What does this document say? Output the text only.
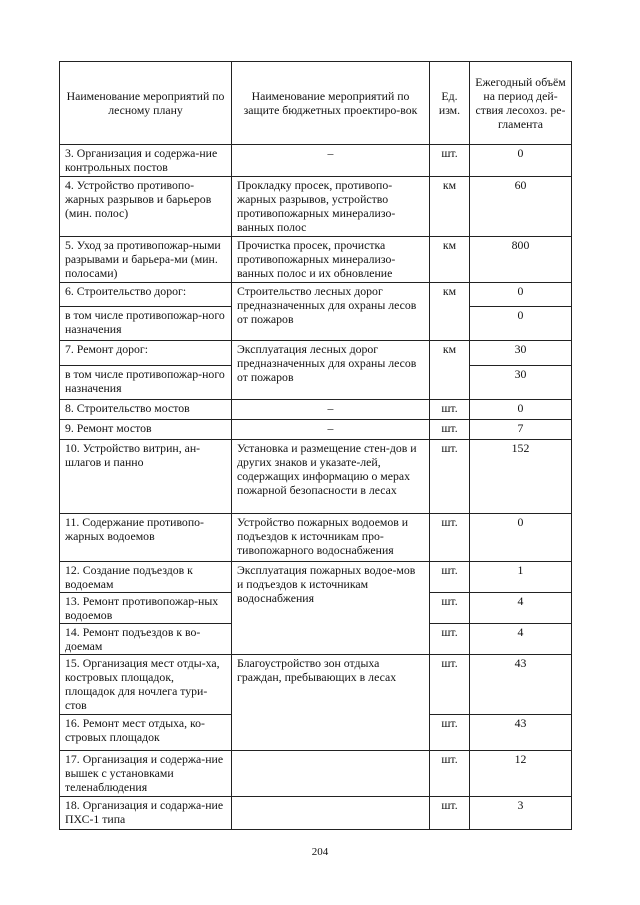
Наименование мероприятий по лесному плану	Наименование мероприятий по защите бюджетных проектиро-вок	Ед. изм.	Ежегодный объём на период дей-ствия лесохоз. ре-гламента
3. Организация и содержа-ние контрольных постов	–	шт.	0
4. Устройство противопо-жарных разрывов и барьеров (мин. полос)	Прокладку просек, противопо-жарных разрывов, устройство противопожарных минерализо-ванных полос	км	60
5. Уход за противопожар-ными разрывами и барьера-ми (мин. полосами)	Прочистка просек, прочистка противопожарных минерализо-ванных полос и их обновление	км	800
6. Строительство дорог:	Строительство лесных дорог предназначенных для охраны лесов от пожаров	км	0
в том числе противопожар-ного назначения			0
7. Ремонт дорог:	Эксплуатация лесных дорог предназначенных для охраны лесов от пожаров	км	30
в том числе противопожар-ного назначения			30
8. Строительство мостов	–	шт.	0
9. Ремонт мостов	–	шт.	7
10. Устройство витрин, ан-шлагов и панно	Установка и размещение стен-дов и других знаков и указате-лей, содержащих информацию о мерах пожарной безопасности в лесах	шт.	152
11. Содержание противопо-жарных водоемов	Устройство пожарных водоемов и подъездов к источникам про-тивопожарного водоснабжения	шт.	0
12. Создание подъездов к водоемам	Эксплуатация пожарных водое-мов и подъездов к источникам водоснабжения	шт.	1
13. Ремонт противопожар-ных водоемов		шт.	4
14. Ремонт подъездов к во-доемам		шт.	4
15. Организация мест отды-ха, костровых площадок, площадок для ночлега тури-стов	Благоустройство зон отдыха граждан, пребывающих в лесах	шт.	43
16. Ремонт мест отдыха, ко-стровых площадок		шт.	43
17. Организация и содержа-ние вышек с установками теленаблюдения		шт.	12
18. Организация и содаржа-ние ПХС-1 типа		шт.	3
204
